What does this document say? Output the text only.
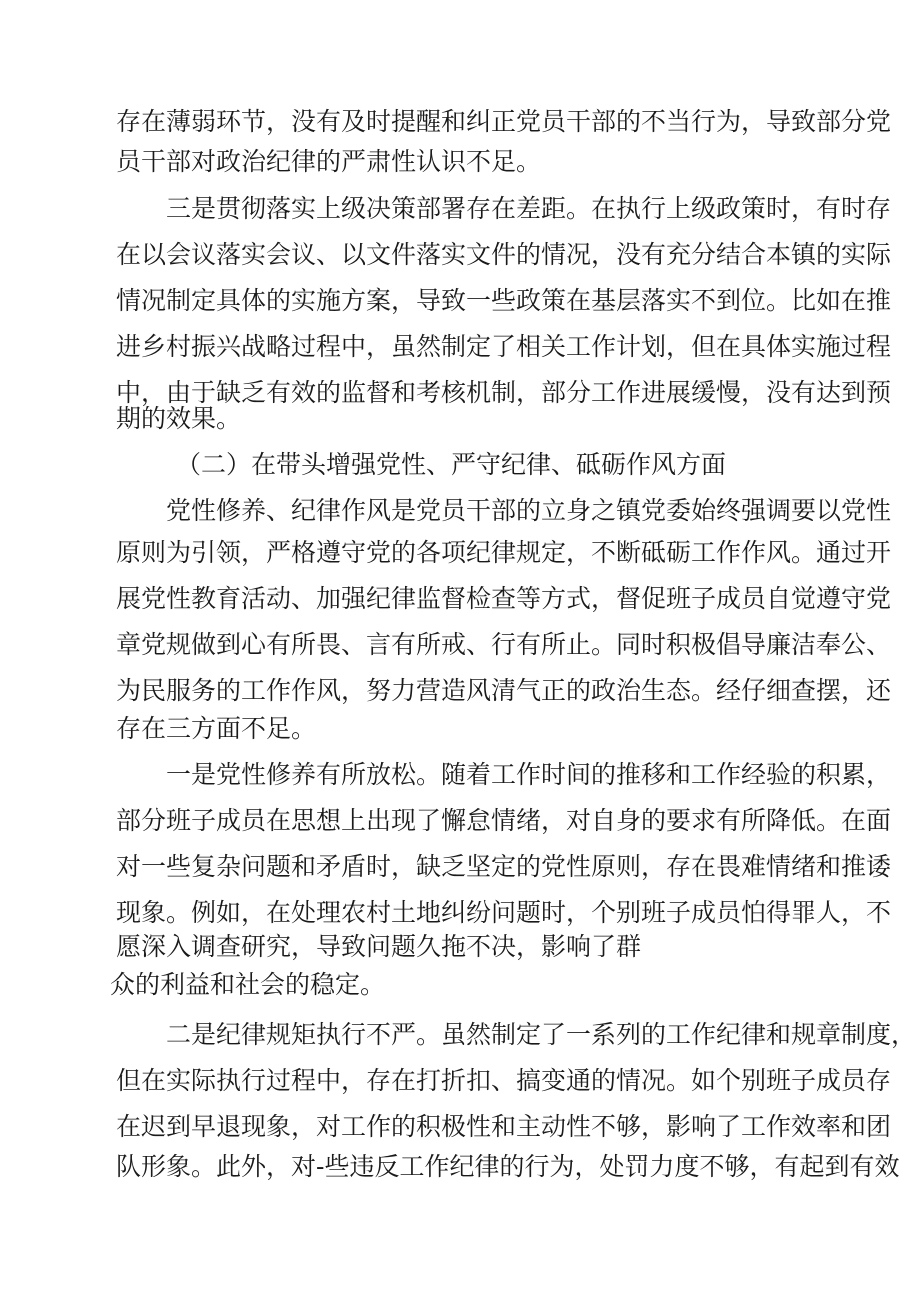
存在薄弱环节，没有及时提醒和纠正党员干部的不当行为，导致部分党
员干部对政治纪律的严肃性认识不足。
三是贯彻落实上级决策部署存在差距。在执行上级政策时，有时存
在以会议落实会议、以文件落实文件的情况，没有充分结合本镇的实际
情况制定具体的实施方案，导致一些政策在基层落实不到位。比如在推
进乡村振兴战略过程中，虽然制定了相关工作计划，但在具体实施过程
中，由于缺乏有效的监督和考核机制，部分工作进展缓慢，没有达到预
期的效果。
（二）在带头增强党性、严守纪律、砥砺作风方面
党性修养、纪律作风是党员干部的立身之镇党委始终强调要以党性
原则为引领，严格遵守党的各项纪律规定，不断砥砺工作作风。通过开
展党性教育活动、加强纪律监督检查等方式，督促班子成员自觉遵守党
章党规做到心有所畏、言有所戒、行有所止。同时积极倡导廉洁奉公、
为民服务的工作作风，努力营造风清气正的政治生态。经仔细查摆，还
存在三方面不足。
一是党性修养有所放松。随着工作时间的推移和工作经验的积累，
部分班子成员在思想上出现了懈怠情绪，对自身的要求有所降低。在面
对一些复杂问题和矛盾时，缺乏坚定的党性原则，存在畏难情绪和推诿
现象。例如，在处理农村土地纠纷问题时，个别班子成员怕得罪人，不
愿深入调查研究，导致问题久拖不决，影响了群
众的利益和社会的稳定。
二是纪律规矩执行不严。虽然制定了一系列的工作纪律和规章制度，
但在实际执行过程中，存在打折扣、搞变通的情况。如个别班子成员存
在迟到早退现象，对工作的积极性和主动性不够，影响了工作效率和团
队形象。此外，对-些违反工作纪律的行为，处罚力度不够，有起到有效
